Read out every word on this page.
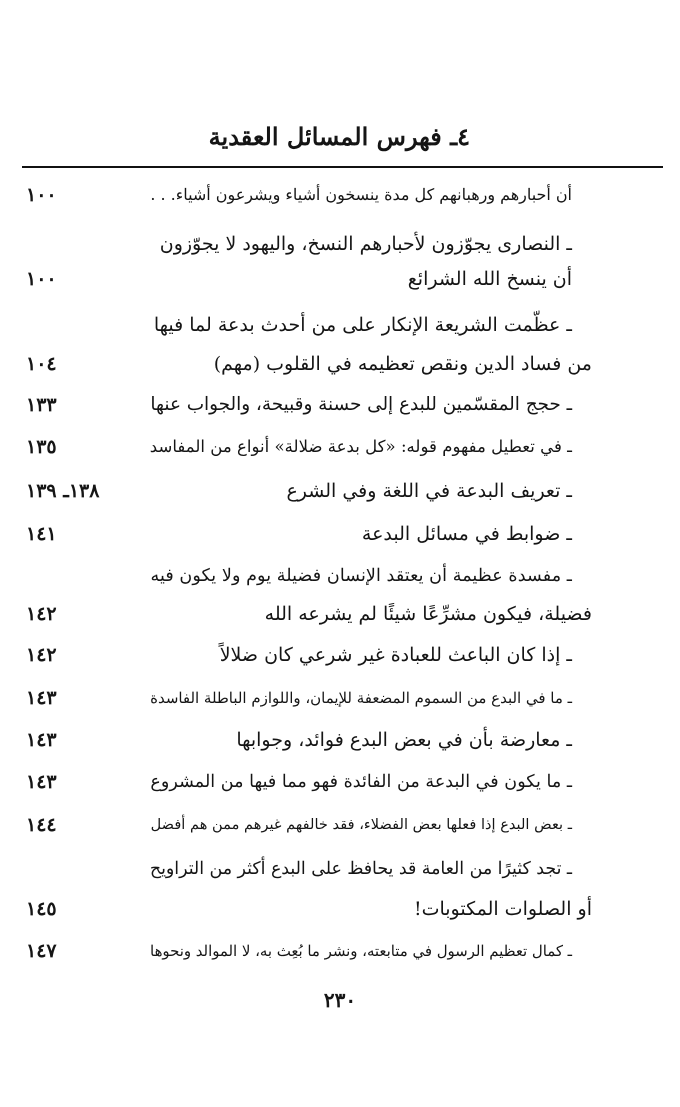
٤ـ فهرس المسائل العقدية
أن أحبارهم ورهبانهم كل مدة ينسخون أشياء ويشرعون أشياء. . .
١٠٠
ـ النصارى يجوّزون لأحبارهم النسخ، واليهود لا يجوّزون
أن ينسخ الله الشرائع
١٠٠
ـ عظّمت الشريعة الإنكار على من أحدث بدعة لما فيها
من فساد الدين ونقص تعظيمه في القلوب (مهم)
١٠٤
ـ حجج المقسّمين للبدع إلى حسنة وقبيحة، والجواب عنها
١٣٣
ـ في تعطيل مفهوم قوله: «كل بدعة ضلالة» أنواع من المفاسد
١٣٥
ـ تعريف البدعة في اللغة وفي الشرع
١٣٨ـ ١٣٩
ـ ضوابط في مسائل البدعة
١٤١
ـ مفسدة عظيمة أن يعتقد الإنسان فضيلة يوم ولا يكون فيه
فضيلة، فيكون مشرِّعًا شيئًا لم يشرعه الله
١٤٢
ـ إذا كان الباعث للعبادة غير شرعي كان ضلالاً
١٤٢
ـ ما في البدع من السموم المضعفة للإيمان، واللوازم الباطلة الفاسدة
١٤٣
ـ معارضة بأن في بعض البدع فوائد، وجوابها
١٤٣
ـ ما يكون في البدعة من الفائدة فهو مما فيها من المشروع
١٤٣
ـ بعض البدع إذا فعلها بعض الفضلاء، فقد خالفهم غيرهم ممن هم أفضل
١٤٤
ـ تجد كثيرًا من العامة قد يحافظ على البدع أكثر من التراويح
أو الصلوات المكتوبات!
١٤٥
ـ كمال تعظيم الرسول في متابعته، ونشر ما بُعِث به، لا الموالد ونحوها
١٤٧
٢٣٠
